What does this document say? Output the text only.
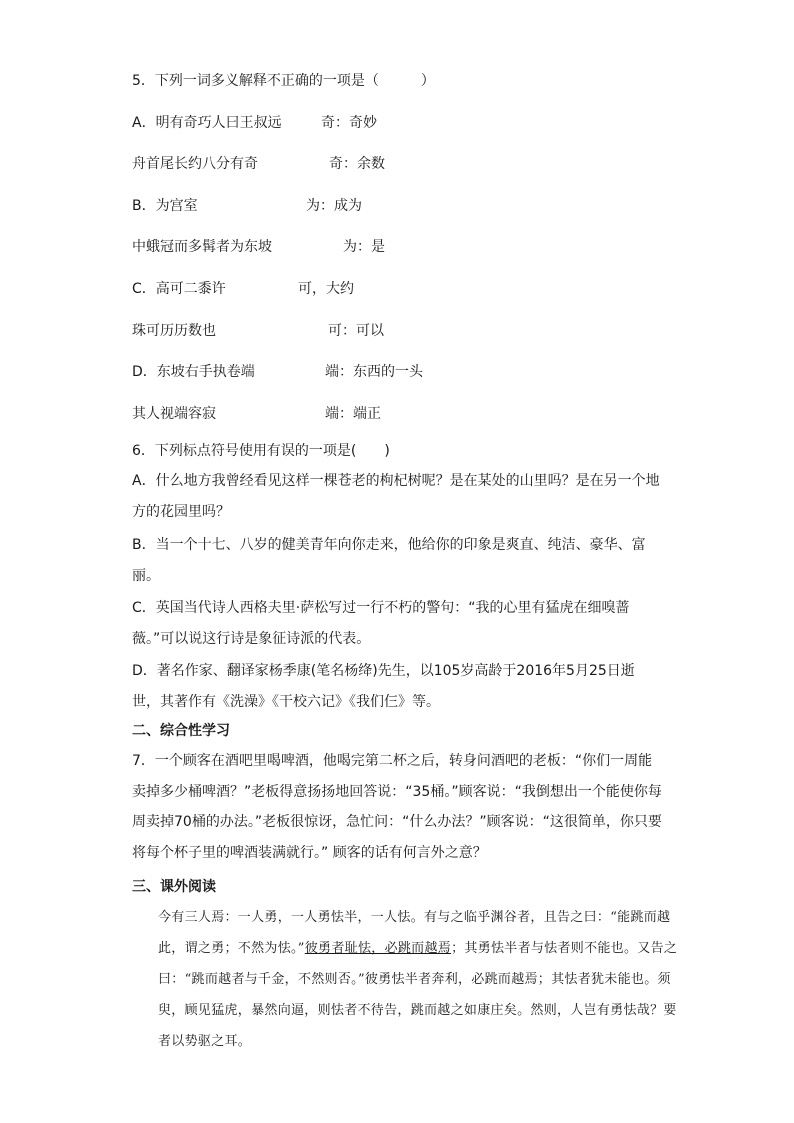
5．下列一词多义解释不正确的一项是（　　　）

A．明有奇巧人曰王叔远	奇：奇妙
舟首尾长约八分有奇	奇：余数
B．为宫室	为：成为
中蛾冠而多髯者为东坡	为：是
C．高可二黍许	可，大约
珠可历历数也	可：可以
D．东坡右手执卷端	端：东西的一头
其人视端容寂	端：端正

6．下列标点符号使用有误的一项是(　　)

A．什么地方我曾经看见这样一棵苍老的枸杞树呢？是在某处的山里吗？是在另一个地方的花园里吗？

B．当一个十七、八岁的健美青年向你走来，他给你的印象是爽直、纯洁、豪华、富丽。

C．英国当代诗人西格夫里·萨松写过一行不朽的警句：“我的心里有猛虎在细嗅蔷薇。”可以说这行诗是象征诗派的代表。

D．著名作家、翻译家杨季康(笔名杨绛)先生，以105岁高龄于2016年5月25日逝世，其著作有《洗澡》《干校六记》《我们仨》等。

二、综合性学习

7．一个顾客在酒吧里喝啤酒，他喝完第二杯之后，转身问酒吧的老板：“你们一周能卖掉多少桶啤酒？”老板得意扬扬地回答说：“35桶。”顾客说：“我倒想出一个能使你每周卖掉70桶的办法。”老板很惊讶，急忙问：“什么办法？”顾客说：“这很简单，你只要将每个杯子里的啤酒装满就行。” 顾客的话有何言外之意？

三、课外阅读

今有三人焉：一人勇，一人勇怯半，一人怯。有与之临乎渊谷者，且告之曰：“能跳而越此，谓之勇；不然为怯。”彼勇者耻怯，必跳而越焉；其勇怯半者与怯者则不能也。又告之曰：“跳而越者与千金，不然则否。”彼勇怯半者奔利，必跳而越焉；其怯者犹未能也。须臾，顾见猛虎，暴然向逼，则怯者不待告，跳而越之如康庄矣。然则，人岂有勇怯哉？要者以势驱之耳。
